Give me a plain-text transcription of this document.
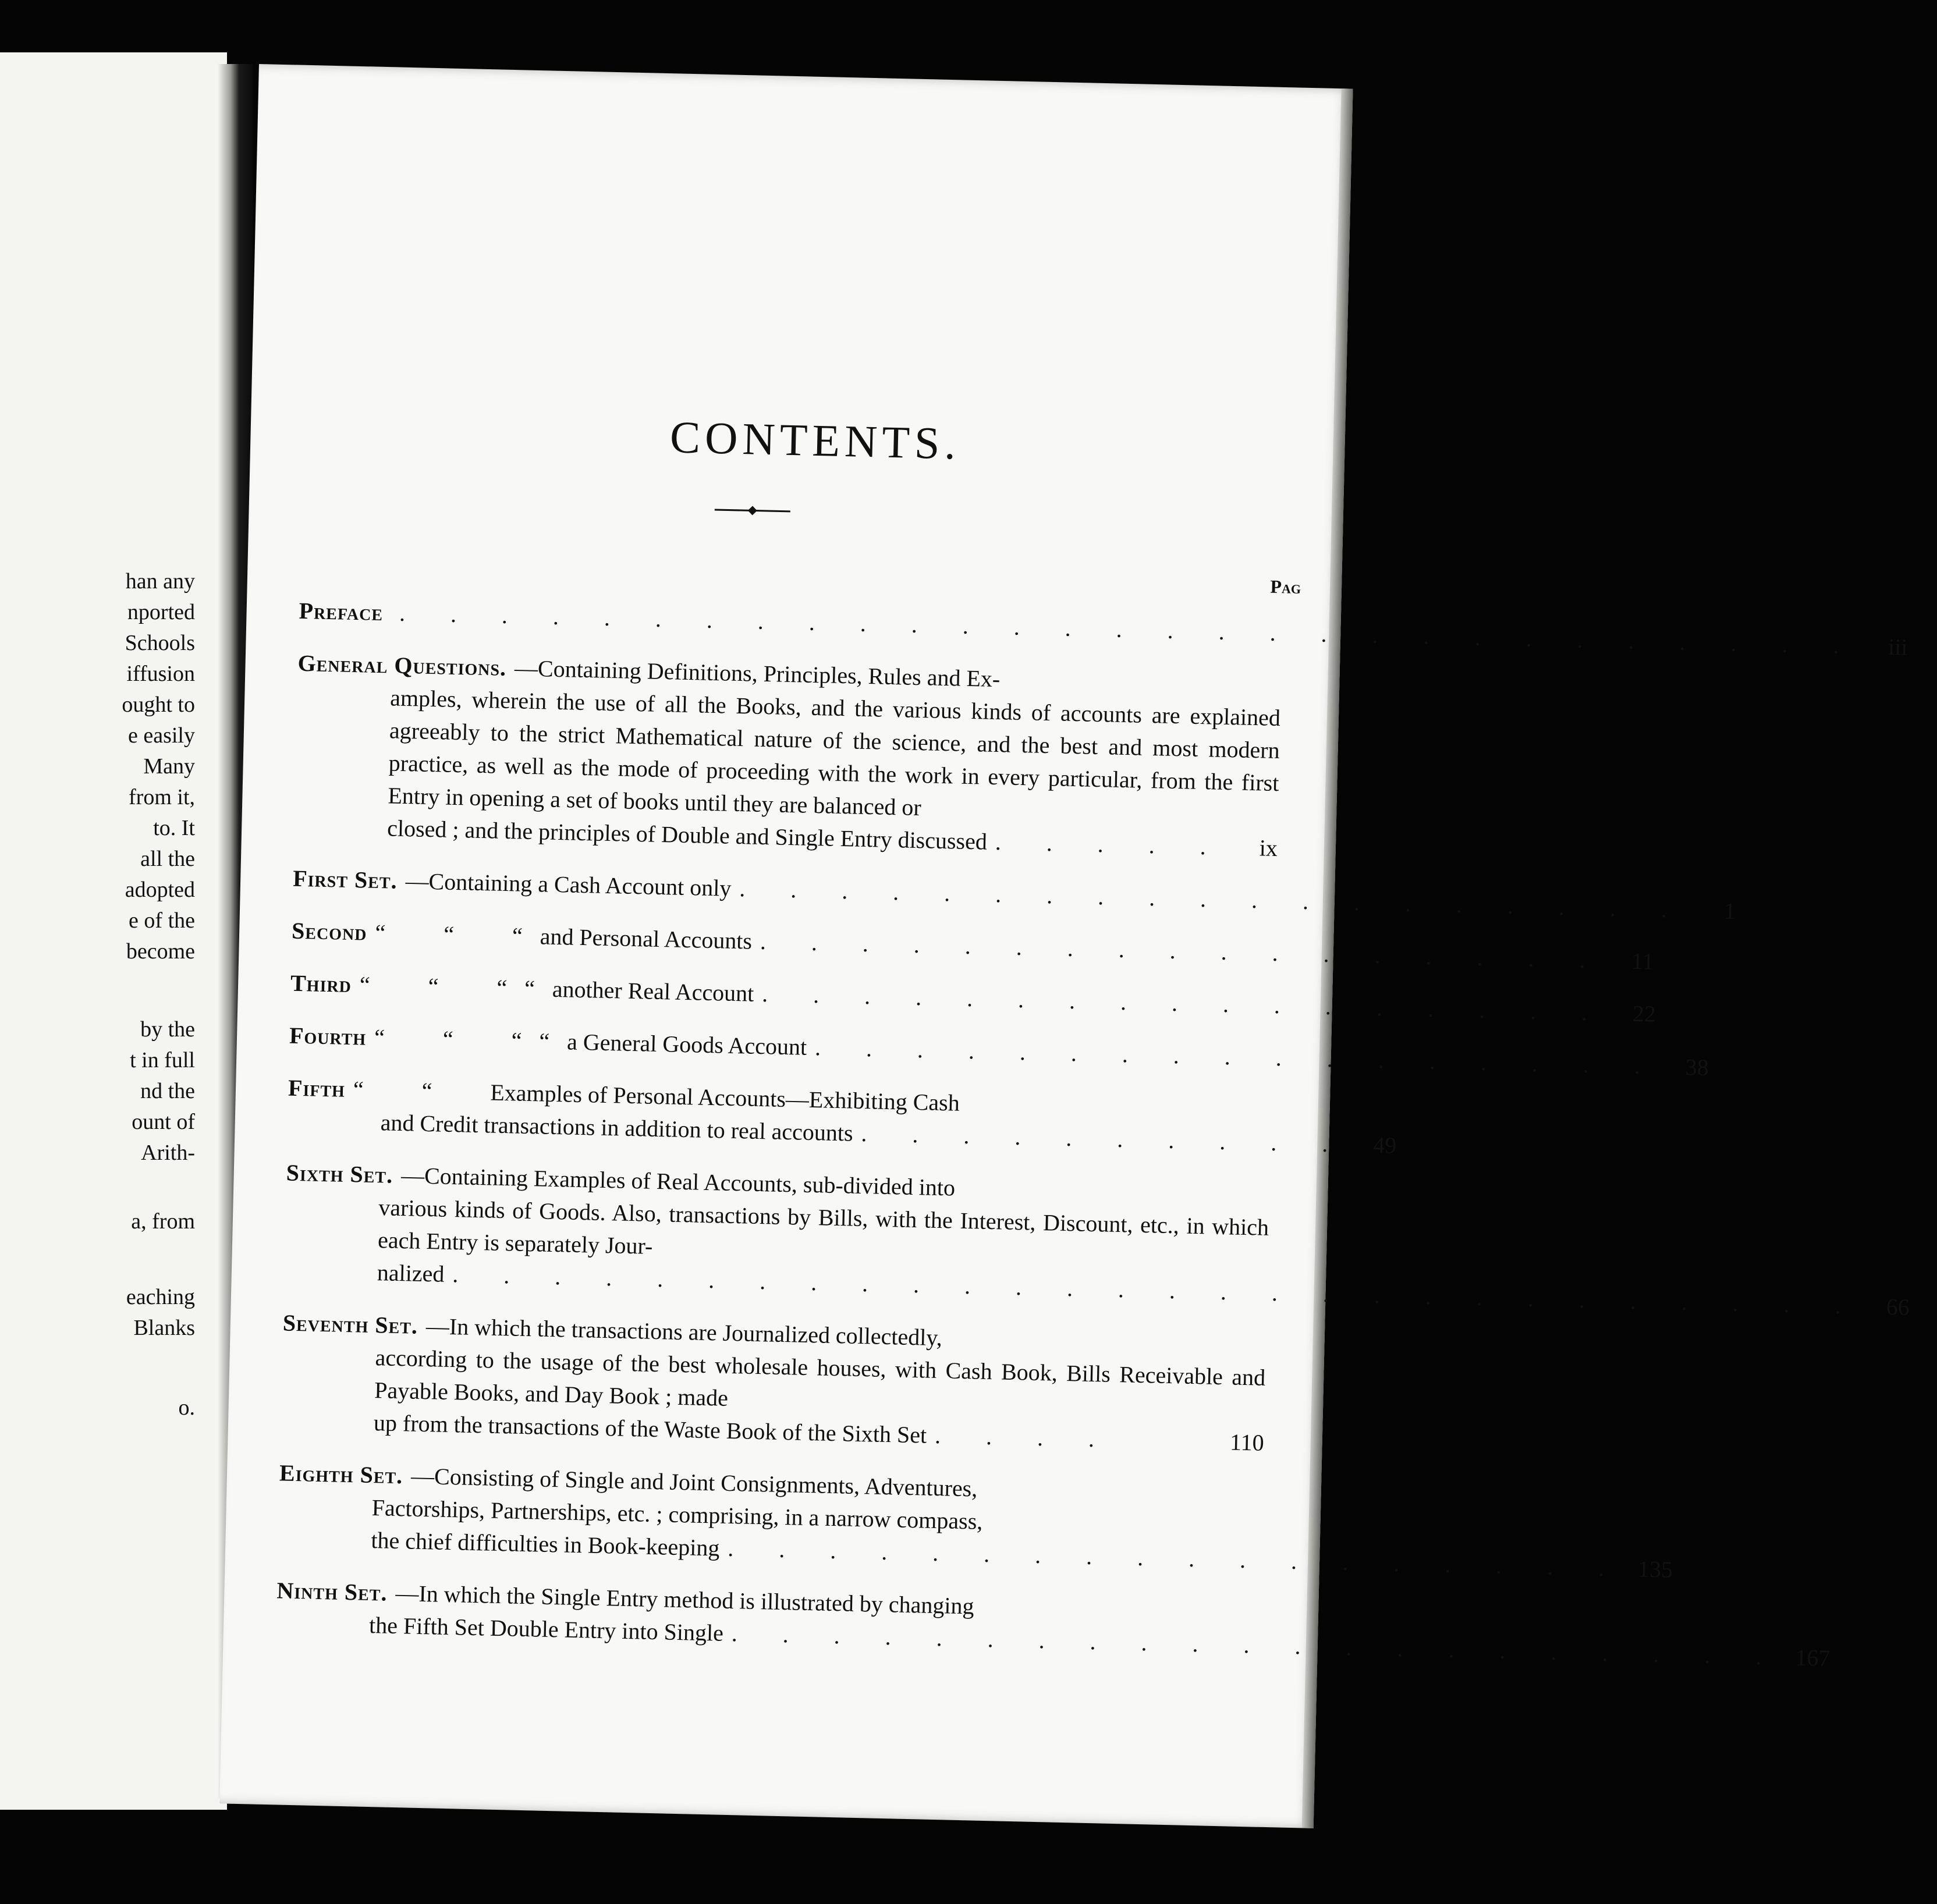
han any
nported
Schools
iffusion
ought to
e easily
Many
from it,
to. It
all the
adopted
e of the
become
by the
t in full
nd the
ount of
Arith-
a, from
eaching
Blanks
o.
CONTENTS.
Pag
Preface . . . . . . . . . . . . . . . . . . . . . . . . . . . . .	iii
General Questions. —Containing Definitions, Principles, Rules and Ex-
amples, wherein the use of all the Books, and the various kinds of accounts are explained agreeably to the strict Mathematical nature of the science, and the best and most modern practice, as well as the mode of proceeding with the work in every particular, from the first Entry in opening a set of books until they are balanced or
closed ; and the principles of Double and Single Entry discussed . . . . .	ix
First Set. —Containing a Cash Account only . . . . . . . . . . . . . . . . . . .	1
Second “          “          “   and Personal Accounts . . . . . . . . . . . . . . . . .	11
Third “          “          “   “   another Real Account . . . . . . . . . . . . . . . . .	22
Fourth “          “          “   “   a General Goods Account . . . . . . . . . . . . . . . . .	38
Fifth “          “          Examples of Personal Accounts—Exhibiting Cash
and Credit transactions in addition to real accounts . . . . . . . . . .	49
Sixth Set. —Containing Examples of Real Accounts, sub-divided into
various kinds of Goods. Also, transactions by Bills, with the Interest, Discount, etc., in which each Entry is separately Jour-
nalized . . . . . . . . . . . . . . . . . . . . . . . . . . . .	66
Seventh Set. —In which the transactions are Journalized collectedly,
according to the usage of the best wholesale houses, with Cash Book, Bills Receivable and Payable Books, and Day Book ; made
up from the transactions of the Waste Book of the Sixth Set . . . .	110
Eighth Set. —Consisting of Single and Joint Consignments, Adventures,
Factorships, Partnerships, etc. ; comprising, in a narrow compass,
the chief difficulties in Book-keeping . . . . . . . . . . . . . . . . . . 135
Ninth Set. —In which the Single Entry method is illustrated by changing
the Fifth Set Double Entry into Single . . . . . . . . . . . . . . . . . . . . . 167
